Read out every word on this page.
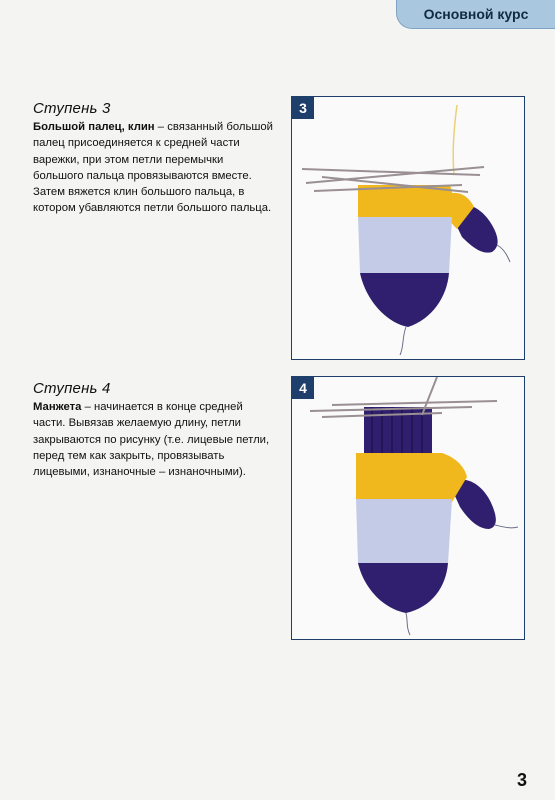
Основной курс
Ступень 3

Большой палец, клин – связанный большой палец присоединяется к средней части варежки, при этом петли перемычки большого пальца провязываются вместе. Затем вяжется клин большого пальца, в котором убавляются петли большого пальца.

3
Ступень 4

Манжета – начинается в конце средней части. Вывязав желаемую длину, петли закрываются по рисунку (т.е. лицевые петли, перед тем как закрыть, провязывать лицевыми, изнаночные – изнаночными).

4
3
